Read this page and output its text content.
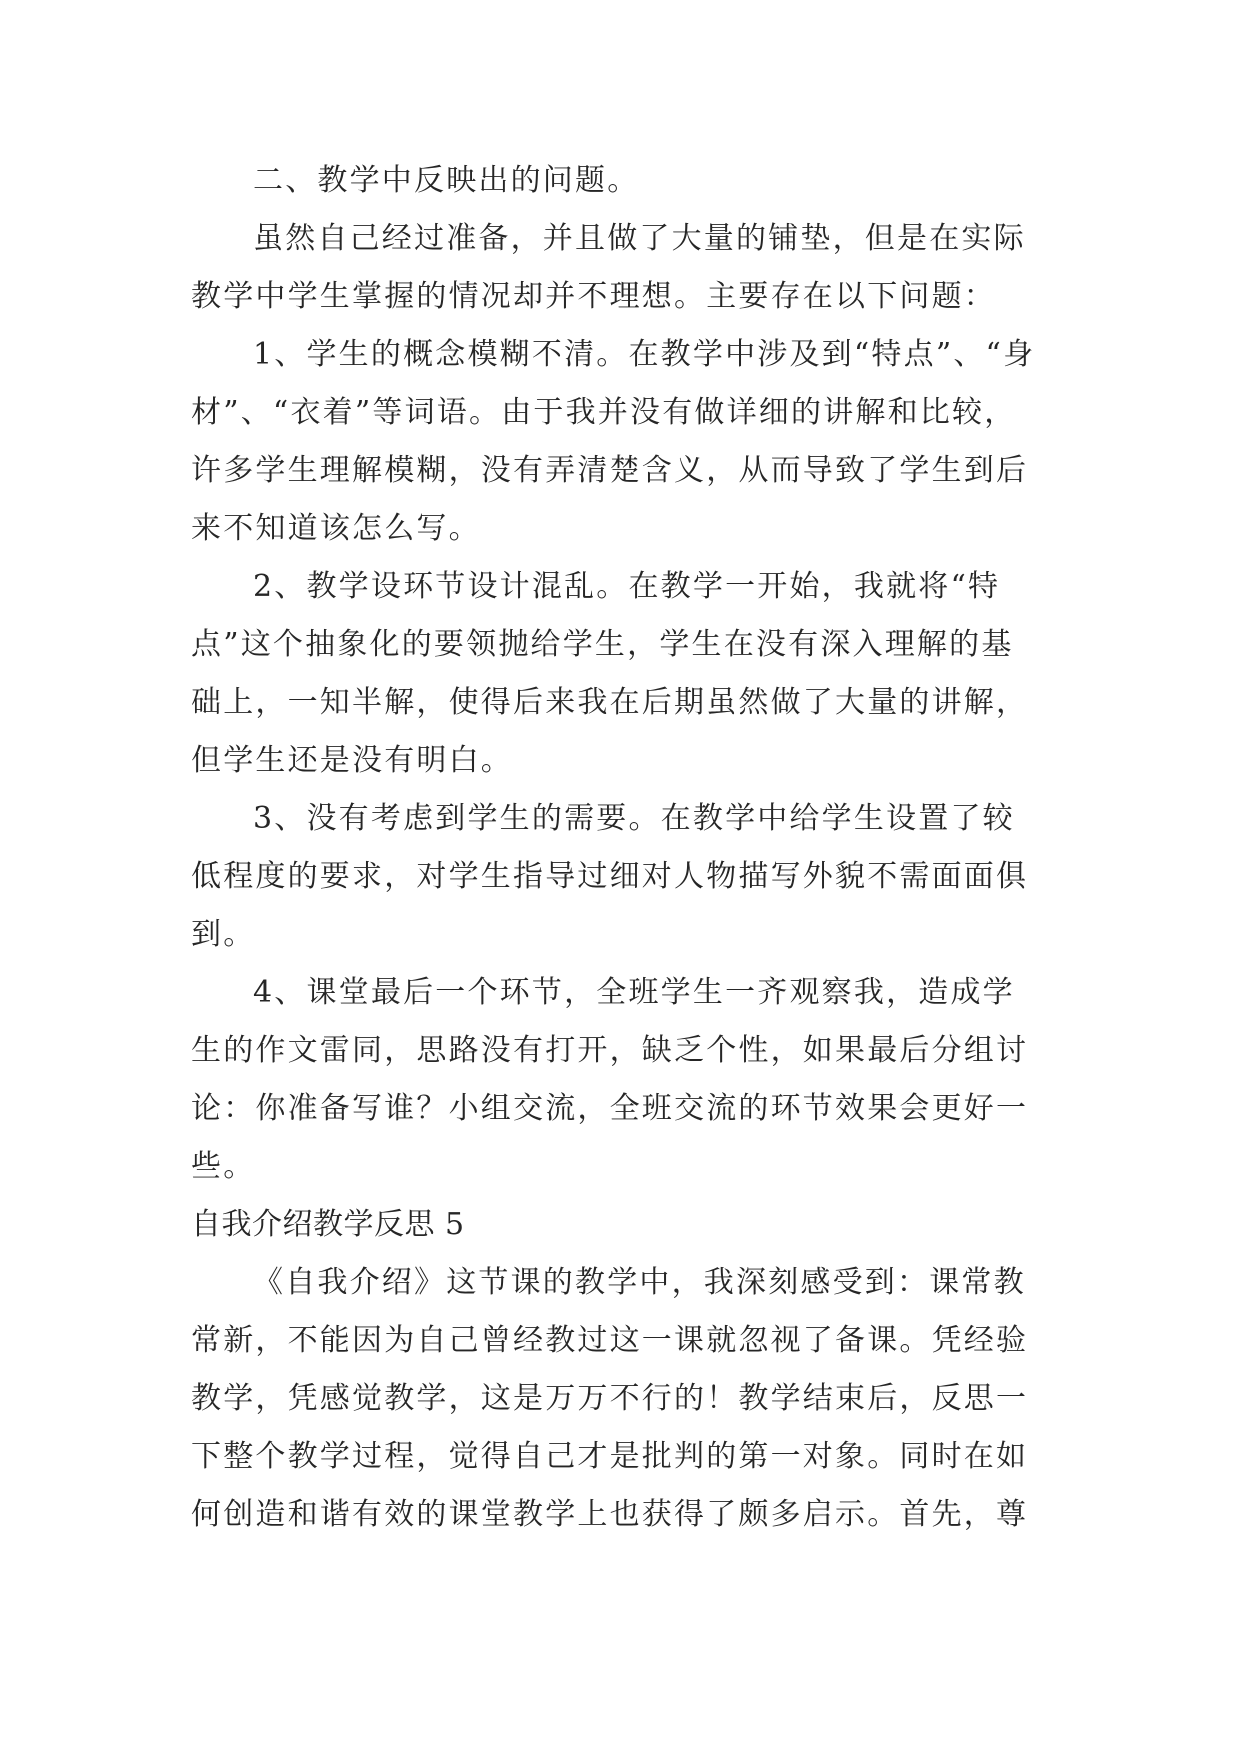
二、教学中反映出的问题。
虽然自己经过准备，并且做了大量的铺垫，但是在实际
教学中学生掌握的情况却并不理想。主要存在以下问题：
1、学生的概念模糊不清。在教学中涉及到“特点”、“身
材”、“衣着”等词语。由于我并没有做详细的讲解和比较，
许多学生理解模糊，没有弄清楚含义，从而导致了学生到后
来不知道该怎么写。
2、教学设环节设计混乱。在教学一开始，我就将“特
点”这个抽象化的要领抛给学生，学生在没有深入理解的基
础上，一知半解，使得后来我在后期虽然做了大量的讲解，
但学生还是没有明白。
3、没有考虑到学生的需要。在教学中给学生设置了较
低程度的要求，对学生指导过细对人物描写外貌不需面面俱
到。
4、课堂最后一个环节，全班学生一齐观察我，造成学
生的作文雷同，思路没有打开，缺乏个性，如果最后分组讨
论：你准备写谁？小组交流，全班交流的环节效果会更好一
些。
自我介绍教学反思 5
《自我介绍》这节课的教学中，我深刻感受到：课常教
常新，不能因为自己曾经教过这一课就忽视了备课。凭经验
教学，凭感觉教学，这是万万不行的！教学结束后，反思一
下整个教学过程，觉得自己才是批判的第一对象。同时在如
何创造和谐有效的课堂教学上也获得了颇多启示。首先，尊
